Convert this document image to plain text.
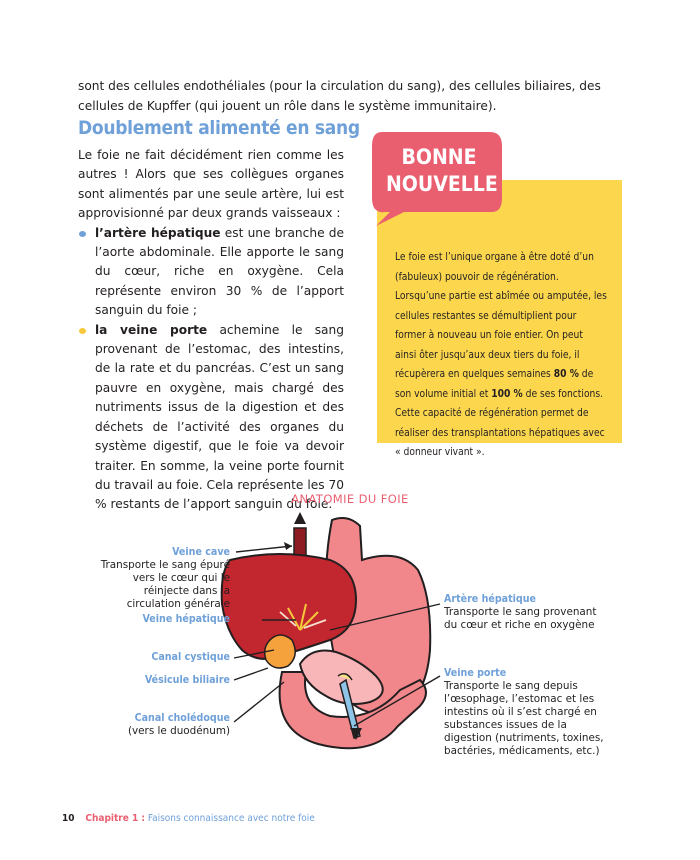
sont des cellules endothéliales (pour la circulation du sang), des cellules biliaires, des cellules de Kupffer (qui jouent un rôle dans le système immunitaire).

Doublement alimenté en sang
Le foie ne fait décidément rien comme les autres ! Alors que ses collègues organes sont alimentés par une seule artère, lui est approvisionné par deux grands vaisseaux :
l’artère hépatique est une branche de l’aorte abdominale. Elle apporte le sang du cœur, riche en oxygène. Cela représente environ 30 % de l’apport sanguin du foie ;
la veine porte achemine le sang provenant de l’estomac, des intestins, de la rate et du pancréas. C’est un sang pauvre en oxygène, mais chargé des nutriments issus de la digestion et des déchets de l’activité des organes du système digestif, que le foie va devoir traiter. En somme, la veine porte fournit du travail au foie. Cela représente les 70 % restants de l’apport sanguin du foie.

Le foie est l’unique organe à être doté d’un (fabuleux) pouvoir de régénération. Lorsqu’une partie est abîmée ou amputée, les cellules restantes se démultiplient pour former à nouveau un foie entier. On peut ainsi ôter jusqu’aux deux tiers du foie, il récupèrera en quelques semaines 80 % de son volume initial et 100 % de ses fonctions. Cette capacité de régénération permet de réaliser des transplantations hépatiques avec « donneur vivant ».

BONNE
NOUVELLE
ANATOMIE DU FOIE
Veine cave
Transporte le sang épuré vers le cœur qui le réinjecte dans la circulation générale
Veine hépatique
Canal cystique
Vésicule biliaire
Canal cholédoque
(vers le duodénum)
Artère hépatique
Transporte le sang provenant du cœur et riche en oxygène
Veine porte
Transporte le sang depuis l’œsophage, l’estomac et les intestins où il s’est chargé en substances issues de la digestion (nutriments, toxines, bactéries, médicaments, etc.)
10 Chapitre 1 : Faisons connaissance avec notre foie
